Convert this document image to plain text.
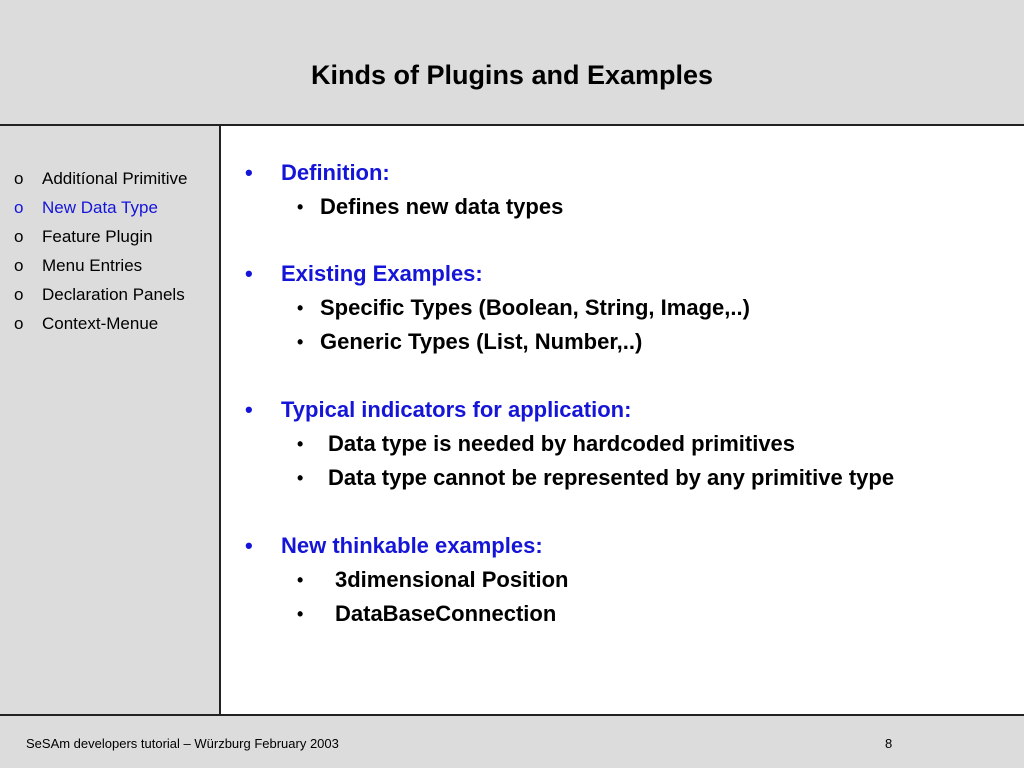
Kinds of Plugins and Examples
o Additíonal Primitive
o New Data Type
o Feature Plugin
o Menu Entries
o Declaration Panels
o Context-Menue
• Definition:
• Defines new data types
• Existing Examples:
• Specific Types (Boolean, String, Image,..)
• Generic Types (List, Number,..)
• Typical indicators for application:
• Data type is needed by hardcoded primitives
• Data type cannot be represented by any primitive type
• New thinkable examples:
• 3dimensional Position
• DataBaseConnection
SeSAm developers tutorial – Würzburg February 2003	8
